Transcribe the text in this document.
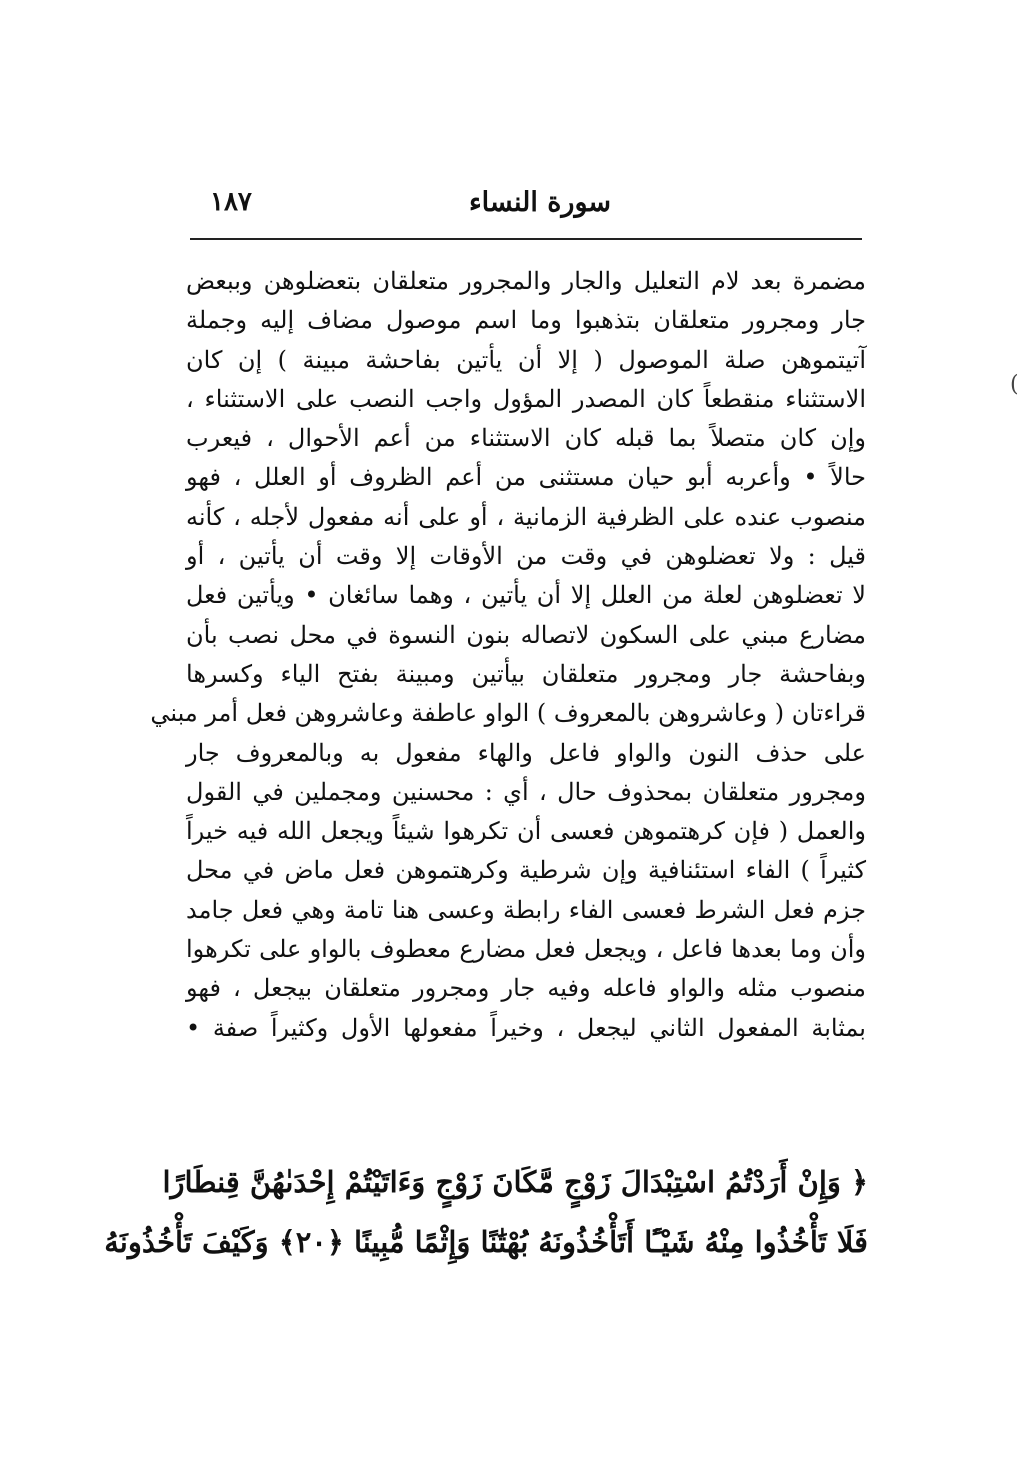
١٨٧	سورة النساء
مضمرة بعد لام التعليل والجار والمجرور متعلقان بتعضلوهن وببعض
جار ومجرور متعلقان بتذهبوا وما اسم موصول مضاف إليه وجملة
آتيتموهن صلة الموصول ( إلا أن يأتين بفاحشة مبينة ) إن كان
الاستثناء منقطعاً كان المصدر المؤول واجب النصب على الاستثناء ،
وإن كان متصلاً بما قبله كان الاستثناء من أعم الأحوال ، فيعرب
حالاً • وأعربه أبو حيان مستثنى من أعم الظروف أو العلل ، فهو
منصوب عنده على الظرفية الزمانية ، أو على أنه مفعول لأجله ، كأنه
قيل : ولا تعضلوهن في وقت من الأوقات إلا وقت أن يأتين ، أو
لا تعضلوهن لعلة من العلل إلا أن يأتين ، وهما سائغان • ويأتين فعل
مضارع مبني على السكون لاتصاله بنون النسوة في محل نصب بأن
وبفاحشة جار ومجرور متعلقان بيأتين ومبينة بفتح الياء وكسرها
قراءتان ( وعاشروهن بالمعروف ) الواو عاطفة وعاشروهن فعل أمر مبني
على حذف النون والواو فاعل والهاء مفعول به وبالمعروف جار
ومجرور متعلقان بمحذوف حال ، أي : محسنين ومجملين في القول
والعمل ( فإن كرهتموهن فعسى أن تكرهوا شيئاً ويجعل الله فيه خيراً
كثيراً ) الفاء استئنافية وإن شرطية وكرهتموهن فعل ماض في محل
جزم فعل الشرط فعسى الفاء رابطة وعسى هنا تامة وهي فعل جامد
وأن وما بعدها فاعل ، ويجعل فعل مضارع معطوف بالواو على تكرهوا
منصوب مثله والواو فاعله وفيه جار ومجرور متعلقان بيجعل ، فهو
بمثابة المفعول الثاني ليجعل ، وخيراً مفعولها الأول وكثيراً صفة •
﴿ وَإِنْ أَرَدْتُمُ اسْتِبْدَالَ زَوْجٍ مَّكَانَ زَوْجٍ وَءَاتَيْتُمْ إِحْدَىٰهُنَّ قِنطَارًا
فَلَا تَأْخُذُوا مِنْهُ شَيْـًٔا أَتَأْخُذُونَهُ بُهْتَٰنًا وَإِثْمًا مُّبِينًا ﴿٢٠﴾ وَكَيْفَ تَأْخُذُونَهُ
(
